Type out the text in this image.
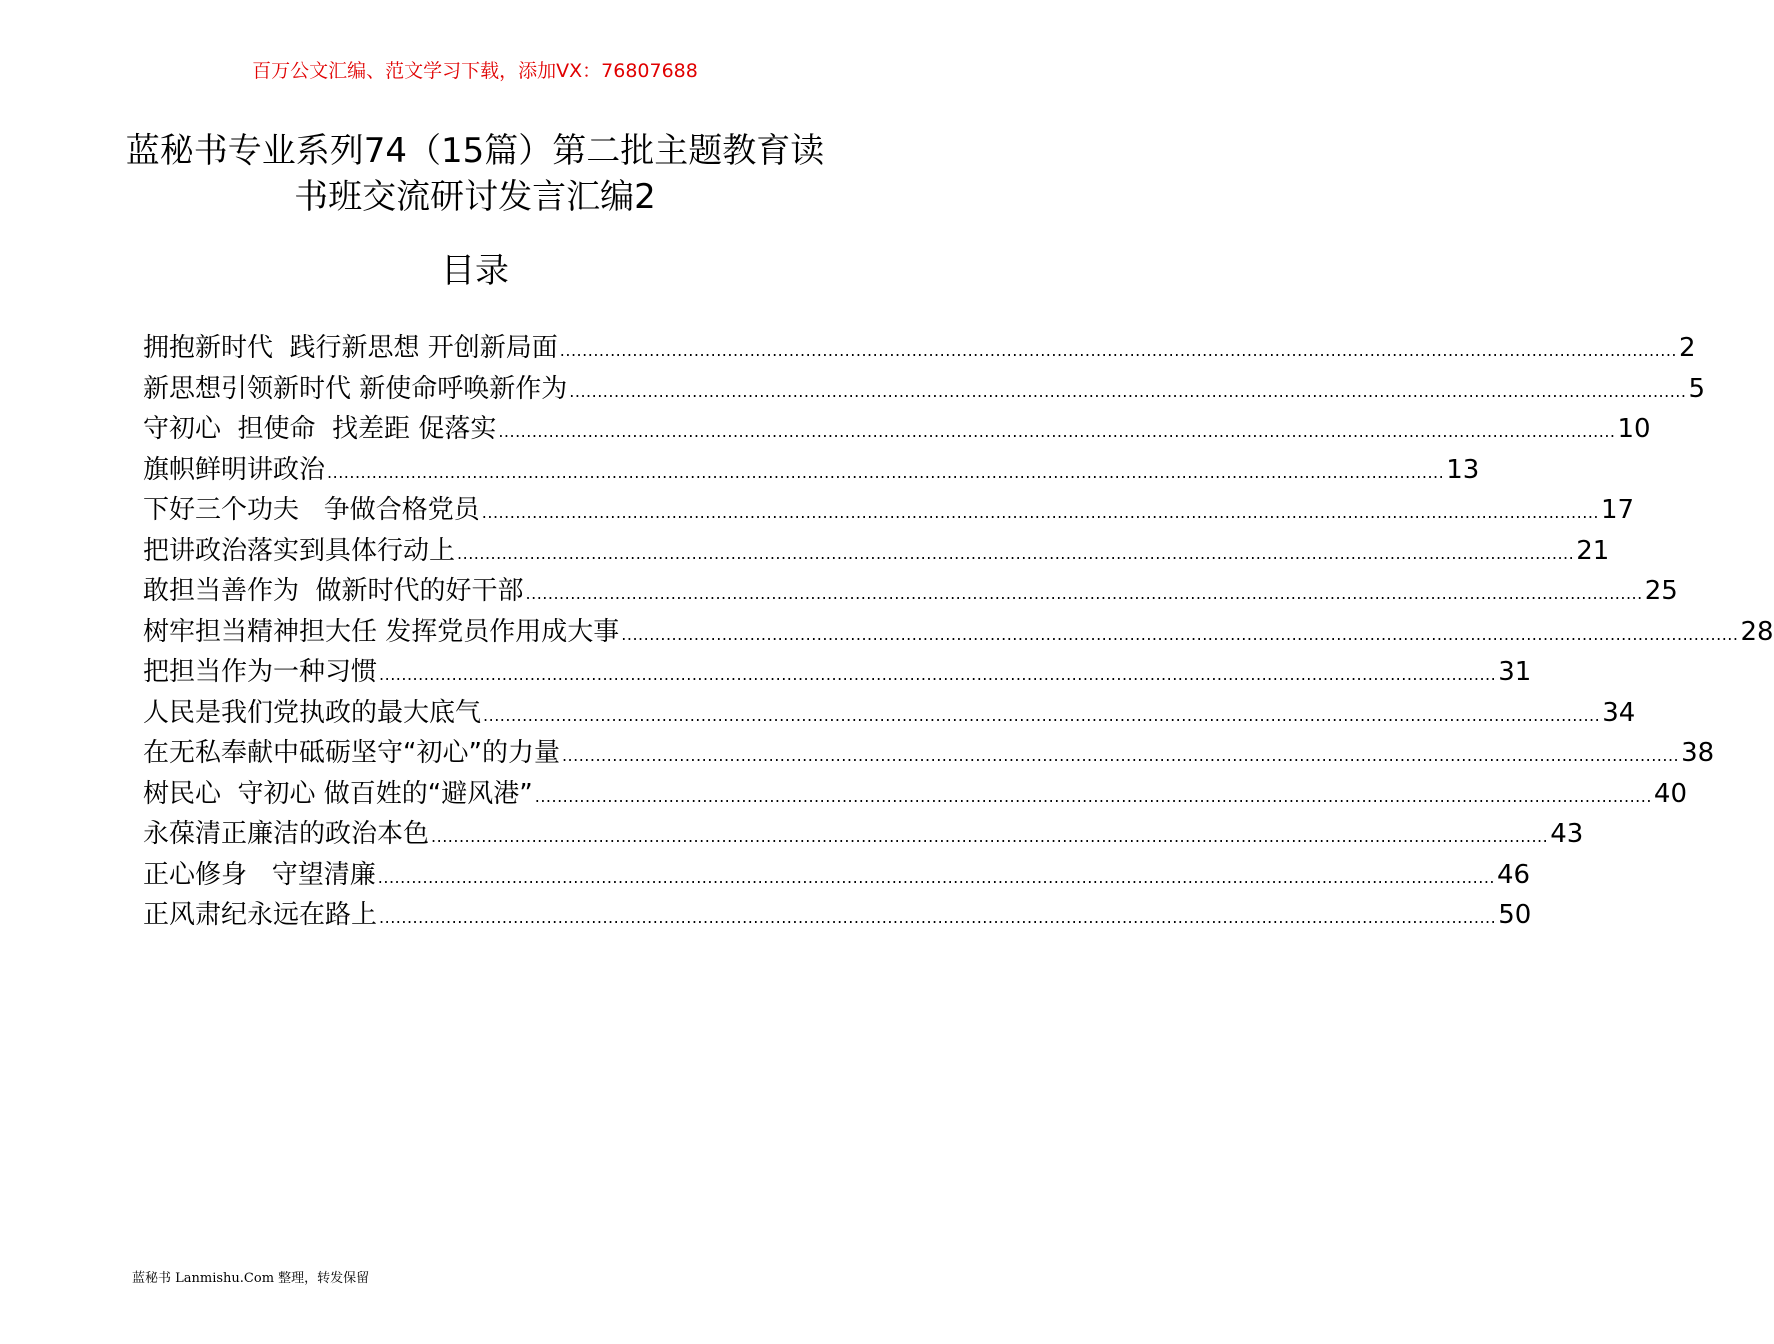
百万公文汇编、范文学习下载，添加VX：76807688
蓝秘书专业系列74（15篇）第二批主题教育读书班交流研讨发言汇编2
目录
拥抱新时代  践行新思想 开创新局面 ........................................................................................................................................................................................................ 2
新思想引领新时代 新使命呼唤新作为 ........................................................................................................................................................................................................ 5
守初心  担使命  找差距 促落实 ........................................................................................................................................................................................................ 10
旗帜鲜明讲政治 ........................................................................................................................................................................................................ 13
下好三个功夫   争做合格党员 ........................................................................................................................................................................................................ 17
把讲政治落实到具体行动上 ........................................................................................................................................................................................................ 21
敢担当善作为  做新时代的好干部 ........................................................................................................................................................................................................ 25
树牢担当精神担大任 发挥党员作用成大事 ........................................................................................................................................................................................................ 28
把担当作为一种习惯 ........................................................................................................................................................................................................ 31
人民是我们党执政的最大底气 ........................................................................................................................................................................................................ 34
在无私奉献中砥砺坚守“初心”的力量 ........................................................................................................................................................................................................ 38
树民心  守初心 做百姓的“避风港” ........................................................................................................................................................................................................ 40
永葆清正廉洁的政治本色 ........................................................................................................................................................................................................ 43
正心修身   守望清廉 ........................................................................................................................................................................................................ 46
正风肃纪永远在路上 ........................................................................................................................................................................................................ 50
蓝秘书 Lanmishu.Com 整理，转发保留
